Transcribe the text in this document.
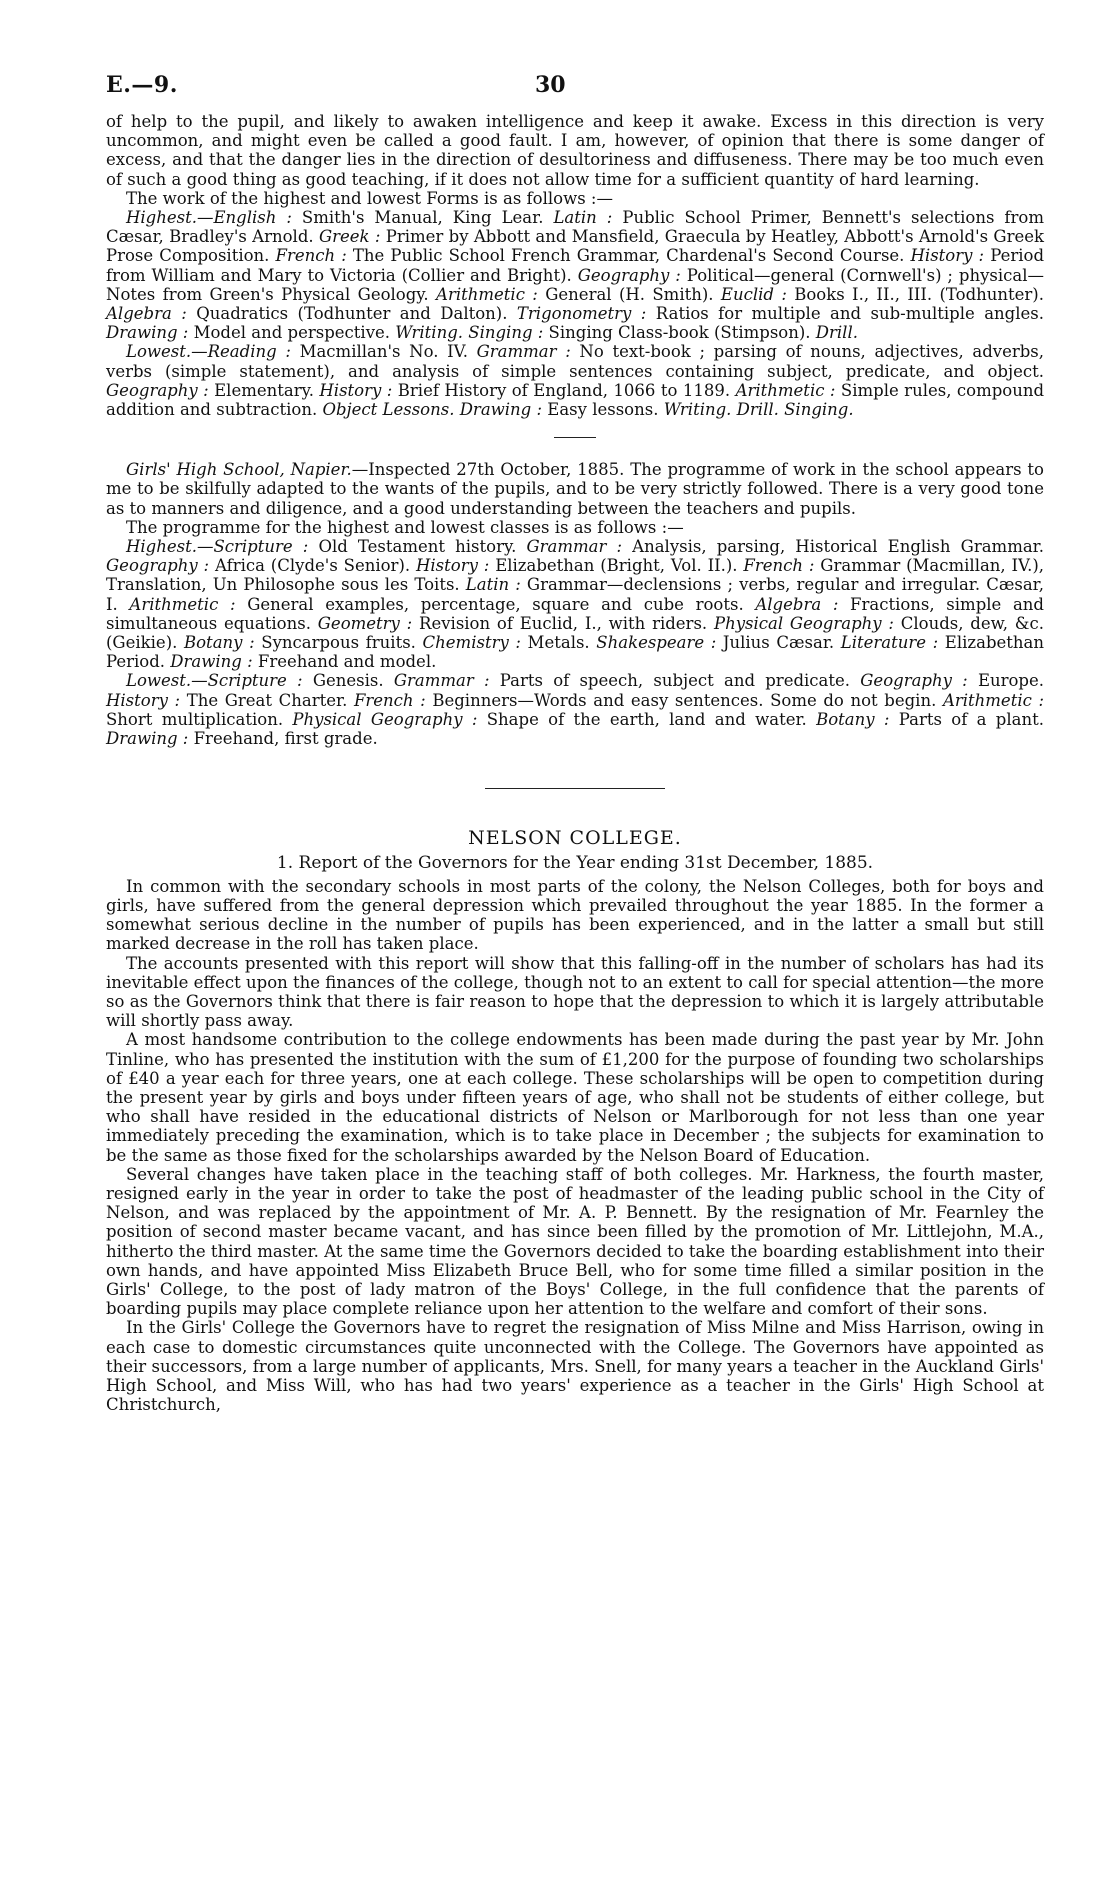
E.—9.	30

of help to the pupil, and likely to awaken intelligence and keep it awake. Excess in this direction is very uncommon, and might even be called a good fault. I am, however, of opinion that there is some danger of excess, and that the danger lies in the direction of desultoriness and diffuseness. There may be too much even of such a good thing as good teaching, if it does not allow time for a sufficient quantity of hard learning.

The work of the highest and lowest Forms is as follows :—

Highest.—English : Smith's Manual, King Lear. Latin : Public School Primer, Bennett's selections from Cæsar, Bradley's Arnold. Greek : Primer by Abbott and Mansfield, Graecula by Heatley, Abbott's Arnold's Greek Prose Composition. French : The Public School French Grammar, Chardenal's Second Course. History : Period from William and Mary to Victoria (Collier and Bright). Geography : Political—general (Cornwell's) ; physical—Notes from Green's Physical Geology. Arithmetic : General (H. Smith). Euclid : Books I., II., III. (Todhunter). Algebra : Quadratics (Todhunter and Dalton). Trigonometry : Ratios for multiple and sub-multiple angles. Drawing : Model and perspective. Writing. Singing : Singing Class-book (Stimpson). Drill.

Lowest.—Reading : Macmillan's No. IV. Grammar : No text-book ; parsing of nouns, adjectives, adverbs, verbs (simple statement), and analysis of simple sentences containing subject, predicate, and object. Geography : Elementary. History : Brief History of England, 1066 to 1189. Arithmetic : Simple rules, compound addition and subtraction. Object Lessons. Drawing : Easy lessons. Writing. Drill. Singing.

Girls' High School, Napier.—Inspected 27th October, 1885. The programme of work in the school appears to me to be skilfully adapted to the wants of the pupils, and to be very strictly followed. There is a very good tone as to manners and diligence, and a good understanding between the teachers and pupils.

The programme for the highest and lowest classes is as follows :—

Highest.—Scripture : Old Testament history. Grammar : Analysis, parsing, Historical English Grammar. Geography : Africa (Clyde's Senior). History : Elizabethan (Bright, Vol. II.). French : Grammar (Macmillan, IV.), Translation, Un Philosophe sous les Toits. Latin : Grammar—declensions ; verbs, regular and irregular. Cæsar, I. Arithmetic : General examples, percentage, square and cube roots. Algebra : Fractions, simple and simultaneous equations. Geometry : Revision of Euclid, I., with riders. Physical Geography : Clouds, dew, &c. (Geikie). Botany : Syncarpous fruits. Chemistry : Metals. Shakespeare : Julius Cæsar. Literature : Elizabethan Period. Drawing : Freehand and model.

Lowest.—Scripture : Genesis. Grammar : Parts of speech, subject and predicate. Geography : Europe. History : The Great Charter. French : Beginners—Words and easy sentences. Some do not begin. Arithmetic : Short multiplication. Physical Geography : Shape of the earth, land and water. Botany : Parts of a plant. Drawing : Freehand, first grade.

NELSON COLLEGE.

1. Report of the Governors for the Year ending 31st December, 1885.

In common with the secondary schools in most parts of the colony, the Nelson Colleges, both for boys and girls, have suffered from the general depression which prevailed throughout the year 1885. In the former a somewhat serious decline in the number of pupils has been experienced, and in the latter a small but still marked decrease in the roll has taken place.

The accounts presented with this report will show that this falling-off in the number of scholars has had its inevitable effect upon the finances of the college, though not to an extent to call for special attention—the more so as the Governors think that there is fair reason to hope that the depression to which it is largely attributable will shortly pass away.

A most handsome contribution to the college endowments has been made during the past year by Mr. John Tinline, who has presented the institution with the sum of £1,200 for the purpose of founding two scholarships of £40 a year each for three years, one at each college. These scholarships will be open to competition during the present year by girls and boys under fifteen years of age, who shall not be students of either college, but who shall have resided in the educational districts of Nelson or Marlborough for not less than one year immediately preceding the examination, which is to take place in December ; the subjects for examination to be the same as those fixed for the scholarships awarded by the Nelson Board of Education.

Several changes have taken place in the teaching staff of both colleges. Mr. Harkness, the fourth master, resigned early in the year in order to take the post of headmaster of the leading public school in the City of Nelson, and was replaced by the appointment of Mr. A. P. Bennett. By the resignation of Mr. Fearnley the position of second master became vacant, and has since been filled by the promotion of Mr. Littlejohn, M.A., hitherto the third master. At the same time the Governors decided to take the boarding establishment into their own hands, and have appointed Miss Elizabeth Bruce Bell, who for some time filled a similar position in the Girls' College, to the post of lady matron of the Boys' College, in the full confidence that the parents of boarding pupils may place complete reliance upon her attention to the welfare and comfort of their sons.

In the Girls' College the Governors have to regret the resignation of Miss Milne and Miss Harrison, owing in each case to domestic circumstances quite unconnected with the College. The Governors have appointed as their successors, from a large number of applicants, Mrs. Snell, for many years a teacher in the Auckland Girls' High School, and Miss Will, who has had two years' experience as a teacher in the Girls' High School at Christchurch,
